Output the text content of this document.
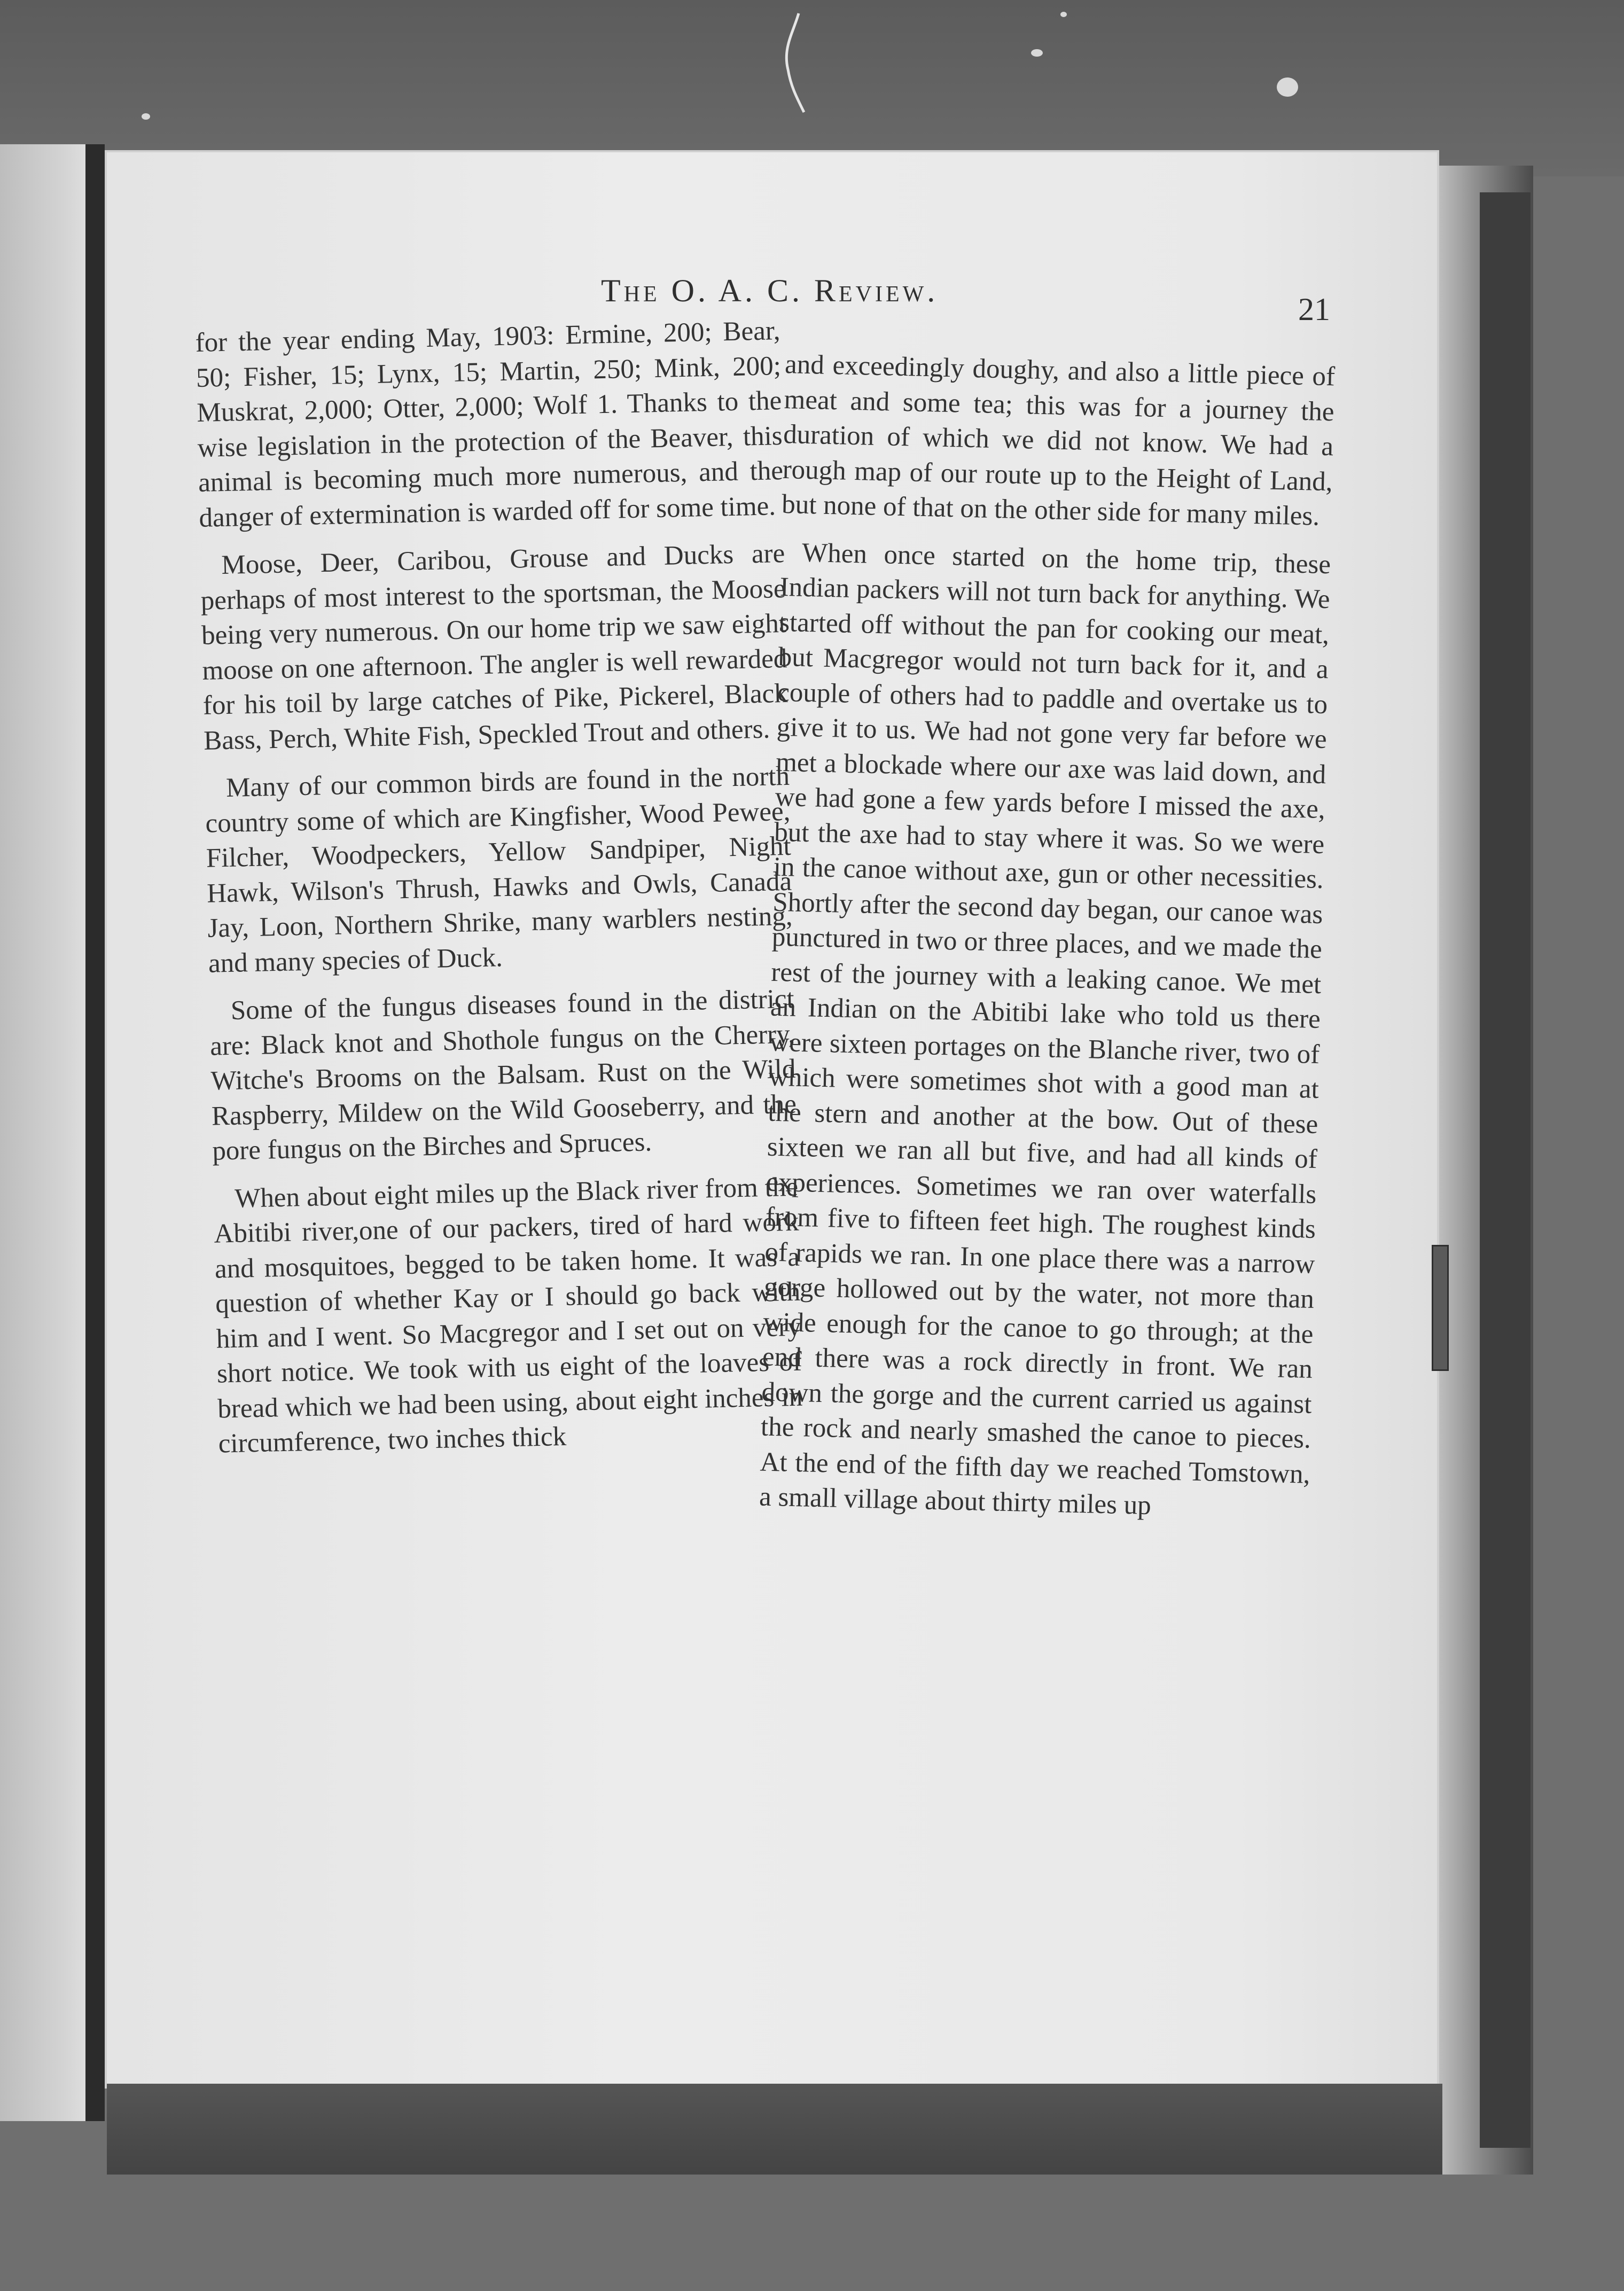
The O. A. C. Review.
21

for the year ending May, 1903: Ermine, 200; Bear, 50; Fisher, 15; Lynx, 15; Martin, 250; Mink, 200; Muskrat, 2,000; Otter, 2,000; Wolf 1. Thanks to the wise legislation in the protection of the Beaver, this animal is becoming much more numerous, and the danger of extermination is warded off for some time.

Moose, Deer, Caribou, Grouse and Ducks are perhaps of most interest to the sportsman, the Moose being very numerous. On our home trip we saw eight moose on one afternoon. The angler is well rewarded for his toil by large catches of Pike, Pickerel, Black Bass, Perch, White Fish, Speckled Trout and others.

Many of our common birds are found in the north country some of which are Kingfisher, Wood Pewee, Filcher, Woodpeckers, Yellow Sandpiper, Night Hawk, Wilson's Thrush, Hawks and Owls, Canada Jay, Loon, Northern Shrike, many warblers nesting, and many species of Duck.

Some of the fungus diseases found in the district are: Black knot and Shothole fungus on the Cherry, Witche's Brooms on the Balsam. Rust on the Wild Raspberry, Mildew on the Wild Gooseberry, and the pore fungus on the Birches and Spruces.

When about eight miles up the Black river from the Abitibi river,one of our packers, tired of hard work and mosquitoes, begged to be taken home. It was a question of whether Kay or I should go back with him and I went. So Macgregor and I set out on very short notice. We took with us eight of the loaves of bread which we had been using, about eight inches in circumference, two inches thick

and exceedingly doughy, and also a little piece of meat and some tea; this was for a journey the duration of which we did not know. We had a rough map of our route up to the Height of Land, but none of that on the other side for many miles.

When once started on the home trip, these Indian packers will not turn back for anything. We started off without the pan for cooking our meat, but Macgregor would not turn back for it, and a couple of others had to paddle and overtake us to give it to us. We had not gone very far before we met a blockade where our axe was laid down, and we had gone a few yards before I missed the axe, but the axe had to stay where it was. So we were in the canoe without axe, gun or other necessities. Shortly after the second day began, our canoe was punctured in two or three places, and we made the rest of the journey with a leaking canoe. We met an Indian on the Abitibi lake who told us there were sixteen portages on the Blanche river, two of which were sometimes shot with a good man at the stern and another at the bow. Out of these sixteen we ran all but five, and had all kinds of experiences. Sometimes we ran over waterfalls from five to fifteen feet high. The roughest kinds of rapids we ran. In one place there was a narrow gorge hollowed out by the water, not more than wide enough for the canoe to go through; at the end there was a rock directly in front. We ran down the gorge and the current carried us against the rock and nearly smashed the canoe to pieces. At the end of the fifth day we reached Tomstown, a small village about thirty miles up
